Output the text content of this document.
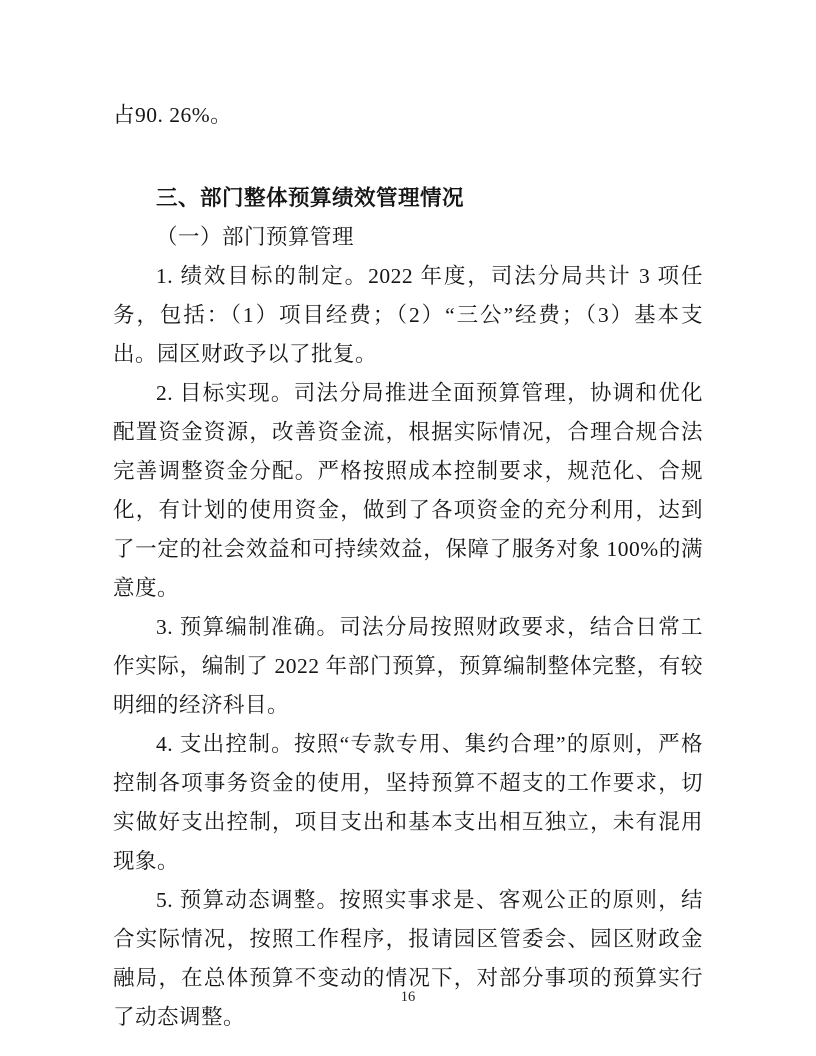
占90. 26%。

三、部门整体预算绩效管理情况

（一）部门预算管理

1. 绩效目标的制定。2022 年度，司法分局共计 3 项任务，包括：（1）项目经费；（2）“三公”经费；（3）基本支出。园区财政予以了批复。

2. 目标实现。司法分局推进全面预算管理，协调和优化配置资金资源，改善资金流，根据实际情况，合理合规合法完善调整资金分配。严格按照成本控制要求，规范化、合规化，有计划的使用资金，做到了各项资金的充分利用，达到了一定的社会效益和可持续效益，保障了服务对象 100%的满意度。

3. 预算编制准确。司法分局按照财政要求，结合日常工作实际，编制了 2022 年部门预算，预算编制整体完整，有较明细的经济科目。

4. 支出控制。按照“专款专用、集约合理”的原则，严格控制各项事务资金的使用，坚持预算不超支的工作要求，切实做好支出控制，项目支出和基本支出相互独立，未有混用现象。

5. 预算动态调整。按照实事求是、客观公正的原则，结合实际情况，按照工作程序，报请园区管委会、园区财政金融局，在总体预算不变动的情况下，对部分事项的预算实行了动态调整。

16
